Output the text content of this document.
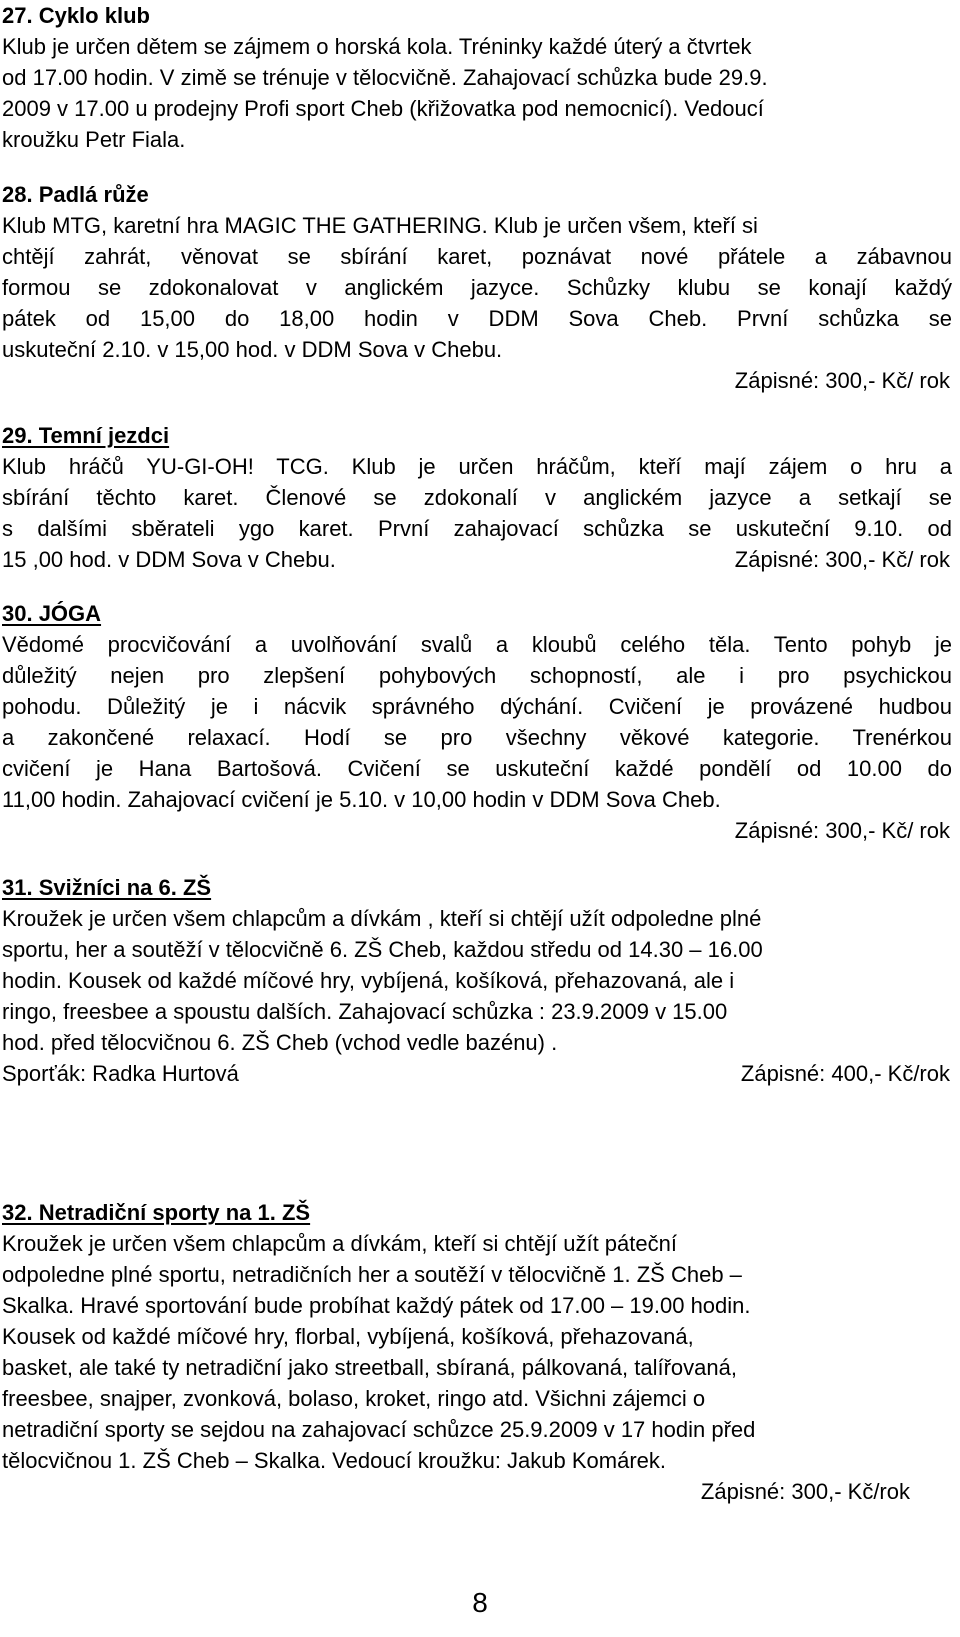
27. Cyklo klub
Klub je určen dětem se zájmem o horská kola. Tréninky každé úterý a čtvrtek
od 17.00 hodin. V zimě se trénuje v tělocvičně. Zahajovací schůzka bude 29.9.
2009 v 17.00 u prodejny Profi sport Cheb (křižovatka pod nemocnicí). Vedoucí
kroužku Petr Fiala.
28. Padlá růže
Klub MTG, karetní hra MAGIC THE GATHERING. Klub je určen všem, kteří si
chtějí zahrát, věnovat se sbírání karet, poznávat nové přátele a zábavnou
formou se zdokonalovat v anglickém jazyce. Schůzky klubu se konají každý
pátek od 15,00 do 18,00 hodin v DDM Sova Cheb. První schůzka se
uskuteční 2.10. v 15,00 hod. v DDM Sova v Chebu.
Zápisné: 300,- Kč/ rok
29. Temní jezdci
Klub hráčů YU-GI-OH! TCG. Klub je určen hráčům, kteří mají zájem o hru a
sbírání těchto karet. Členové se zdokonalí v anglickém jazyce a setkají se
s dalšími sběrateli ygo karet. První zahajovací schůzka se uskuteční 9.10. od
15 ,00 hod. v DDM Sova v Chebu.	Zápisné: 300,- Kč/ rok
30. JÓGA
Vědomé procvičování a uvolňování svalů a kloubů celého těla. Tento pohyb je
důležitý nejen pro zlepšení pohybových schopností, ale i pro psychickou
pohodu. Důležitý je i nácvik správného dýchání. Cvičení je provázené hudbou
a zakončené relaxací. Hodí se pro všechny věkové kategorie. Trenérkou
cvičení je Hana Bartošová. Cvičení se uskuteční každé pondělí od 10.00 do
11,00 hodin. Zahajovací cvičení je 5.10. v 10,00 hodin v DDM Sova Cheb.
Zápisné: 300,- Kč/ rok
31. Svižníci na 6. ZŠ
Kroužek je určen všem chlapcům a dívkám , kteří si chtějí užít odpoledne plné
sportu, her a soutěží v tělocvičně 6. ZŠ Cheb, každou středu od 14.30 – 16.00
hodin. Kousek od každé míčové hry, vybíjená, košíková, přehazovaná, ale i
ringo, freesbee a spoustu dalších. Zahajovací schůzka : 23.9.2009 v 15.00
hod. před tělocvičnou 6. ZŠ Cheb (vchod vedle bazénu) .
Sporťák: Radka Hurtová	Zápisné: 400,- Kč/rok
32. Netradiční sporty na 1. ZŠ
Kroužek je určen všem chlapcům a dívkám, kteří si chtějí užít páteční
odpoledne plné sportu, netradičních her a soutěží v tělocvičně 1. ZŠ Cheb –
Skalka. Hravé sportování bude probíhat každý pátek od 17.00 – 19.00 hodin.
Kousek od každé míčové hry, florbal, vybíjená, košíková, přehazovaná,
basket, ale také ty netradiční jako streetball, sbíraná, pálkovaná, talířovaná,
freesbee, snajper, zvonková, bolaso, kroket, ringo atd. Všichni zájemci o
netradiční sporty se sejdou na zahajovací schůzce 25.9.2009 v 17 hodin před
tělocvičnou 1. ZŠ Cheb – Skalka. Vedoucí kroužku: Jakub Komárek.
Zápisné: 300,- Kč/rok
8
